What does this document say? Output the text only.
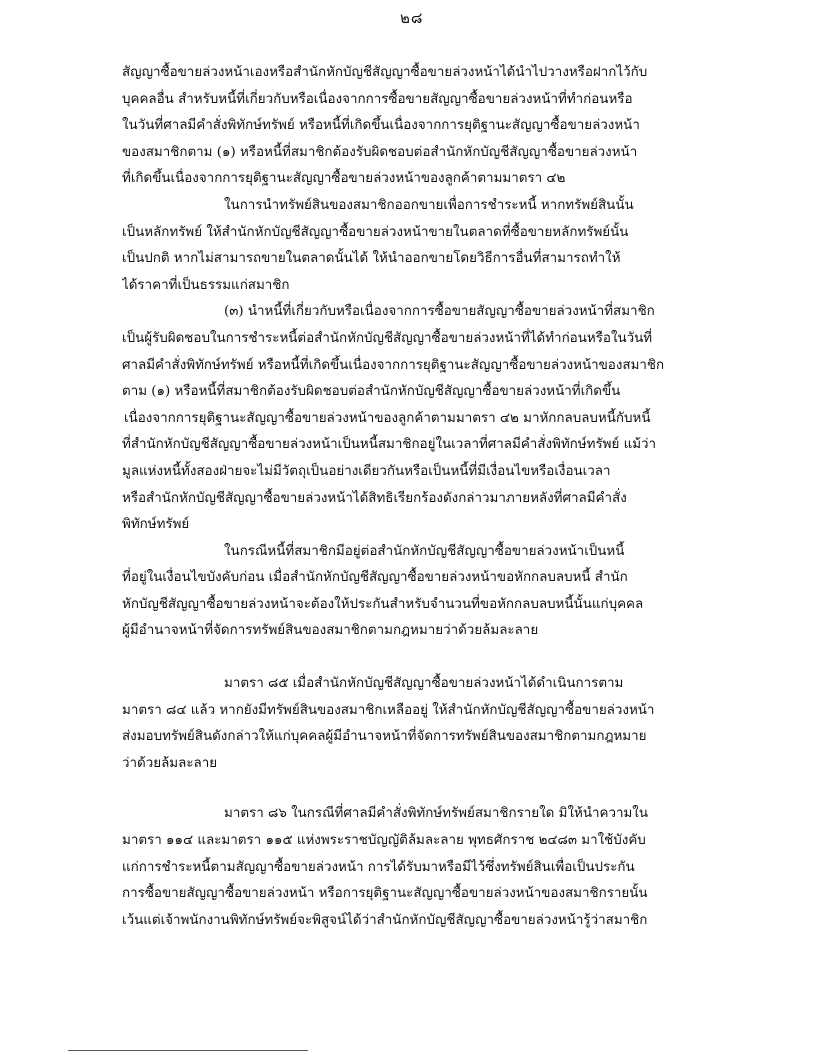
๒๘
สัญญาซื้อขายล่วงหน้าเองหรือสำนักหักบัญชีสัญญาซื้อขายล่วงหน้าได้นำไปวางหรือฝากไว้กับ
บุคคลอื่น สำหรับหนี้ที่เกี่ยวกับหรือเนื่องจากการซื้อขายสัญญาซื้อขายล่วงหน้าที่ทำก่อนหรือ
ในวันที่ศาลมีคำสั่งพิทักษ์ทรัพย์ หรือหนี้ที่เกิดขึ้นเนื่องจากการยุติฐานะสัญญาซื้อขายล่วงหน้า
ของสมาชิกตาม (๑) หรือหนี้ที่สมาชิกต้องรับผิดชอบต่อสำนักหักบัญชีสัญญาซื้อขายล่วงหน้า
ที่เกิดขึ้นเนื่องจากการยุติฐานะสัญญาซื้อขายล่วงหน้าของลูกค้าตามมาตรา ๔๒
ในการนำทรัพย์สินของสมาชิกออกขายเพื่อการชำระหนี้ หากทรัพย์สินนั้น
เป็นหลักทรัพย์ ให้สำนักหักบัญชีสัญญาซื้อขายล่วงหน้าขายในตลาดที่ซื้อขายหลักทรัพย์นั้น
เป็นปกติ หากไม่สามารถขายในตลาดนั้นได้ ให้นำออกขายโดยวิธีการอื่นที่สามารถทำให้
ได้ราคาที่เป็นธรรมแก่สมาชิก
(๓) นำหนี้ที่เกี่ยวกับหรือเนื่องจากการซื้อขายสัญญาซื้อขายล่วงหน้าที่สมาชิก
เป็นผู้รับผิดชอบในการชำระหนี้ต่อสำนักหักบัญชีสัญญาซื้อขายล่วงหน้าที่ได้ทำก่อนหรือในวันที่
ศาลมีคำสั่งพิทักษ์ทรัพย์ หรือหนี้ที่เกิดขึ้นเนื่องจากการยุติฐานะสัญญาซื้อขายล่วงหน้าของสมาชิก
ตาม (๑) หรือหนี้ที่สมาชิกต้องรับผิดชอบต่อสำนักหักบัญชีสัญญาซื้อขายล่วงหน้าที่เกิดขึ้น
เนื่องจากการยุติฐานะสัญญาซื้อขายล่วงหน้าของลูกค้าตามมาตรา ๔๒ มาหักกลบลบหนี้กับหนี้
ที่สำนักหักบัญชีสัญญาซื้อขายล่วงหน้าเป็นหนี้สมาชิกอยู่ในเวลาที่ศาลมีคำสั่งพิทักษ์ทรัพย์ แม้ว่า
มูลแห่งหนี้ทั้งสองฝ่ายจะไม่มีวัตถุเป็นอย่างเดียวกันหรือเป็นหนี้ที่มีเงื่อนไขหรือเงื่อนเวลา
หรือสำนักหักบัญชีสัญญาซื้อขายล่วงหน้าได้สิทธิเรียกร้องดังกล่าวมาภายหลังที่ศาลมีคำสั่ง
พิทักษ์ทรัพย์
ในกรณีหนี้ที่สมาชิกมีอยู่ต่อสำนักหักบัญชีสัญญาซื้อขายล่วงหน้าเป็นหนี้
ที่อยู่ในเงื่อนไขบังคับก่อน เมื่อสำนักหักบัญชีสัญญาซื้อขายล่วงหน้าขอหักกลบลบหนี้ สำนัก
หักบัญชีสัญญาซื้อขายล่วงหน้าจะต้องให้ประกันสำหรับจำนวนที่ขอหักกลบลบหนี้นั้นแก่บุคคล
ผู้มีอำนาจหน้าที่จัดการทรัพย์สินของสมาชิกตามกฎหมายว่าด้วยล้มละลาย
มาตรา ๘๕ เมื่อสำนักหักบัญชีสัญญาซื้อขายล่วงหน้าได้ดำเนินการตาม
มาตรา ๘๔ แล้ว หากยังมีทรัพย์สินของสมาชิกเหลืออยู่ ให้สำนักหักบัญชีสัญญาซื้อขายล่วงหน้า
ส่งมอบทรัพย์สินดังกล่าวให้แก่บุคคลผู้มีอำนาจหน้าที่จัดการทรัพย์สินของสมาชิกตามกฎหมาย
ว่าด้วยล้มละลาย
มาตรา ๘๖ ในกรณีที่ศาลมีคำสั่งพิทักษ์ทรัพย์สมาชิกรายใด มิให้นำความใน
มาตรา ๑๑๔ และมาตรา ๑๑๕ แห่งพระราชบัญญัติล้มละลาย พุทธศักราช ๒๔๘๓ มาใช้บังคับ
แก่การชำระหนี้ตามสัญญาซื้อขายล่วงหน้า การได้รับมาหรือมีไว้ซึ่งทรัพย์สินเพื่อเป็นประกัน
การซื้อขายสัญญาซื้อขายล่วงหน้า หรือการยุติฐานะสัญญาซื้อขายล่วงหน้าของสมาชิกรายนั้น
เว้นแต่เจ้าพนักงานพิทักษ์ทรัพย์จะพิสูจน์ได้ว่าสำนักหักบัญชีสัญญาซื้อขายล่วงหน้ารู้ว่าสมาชิก
